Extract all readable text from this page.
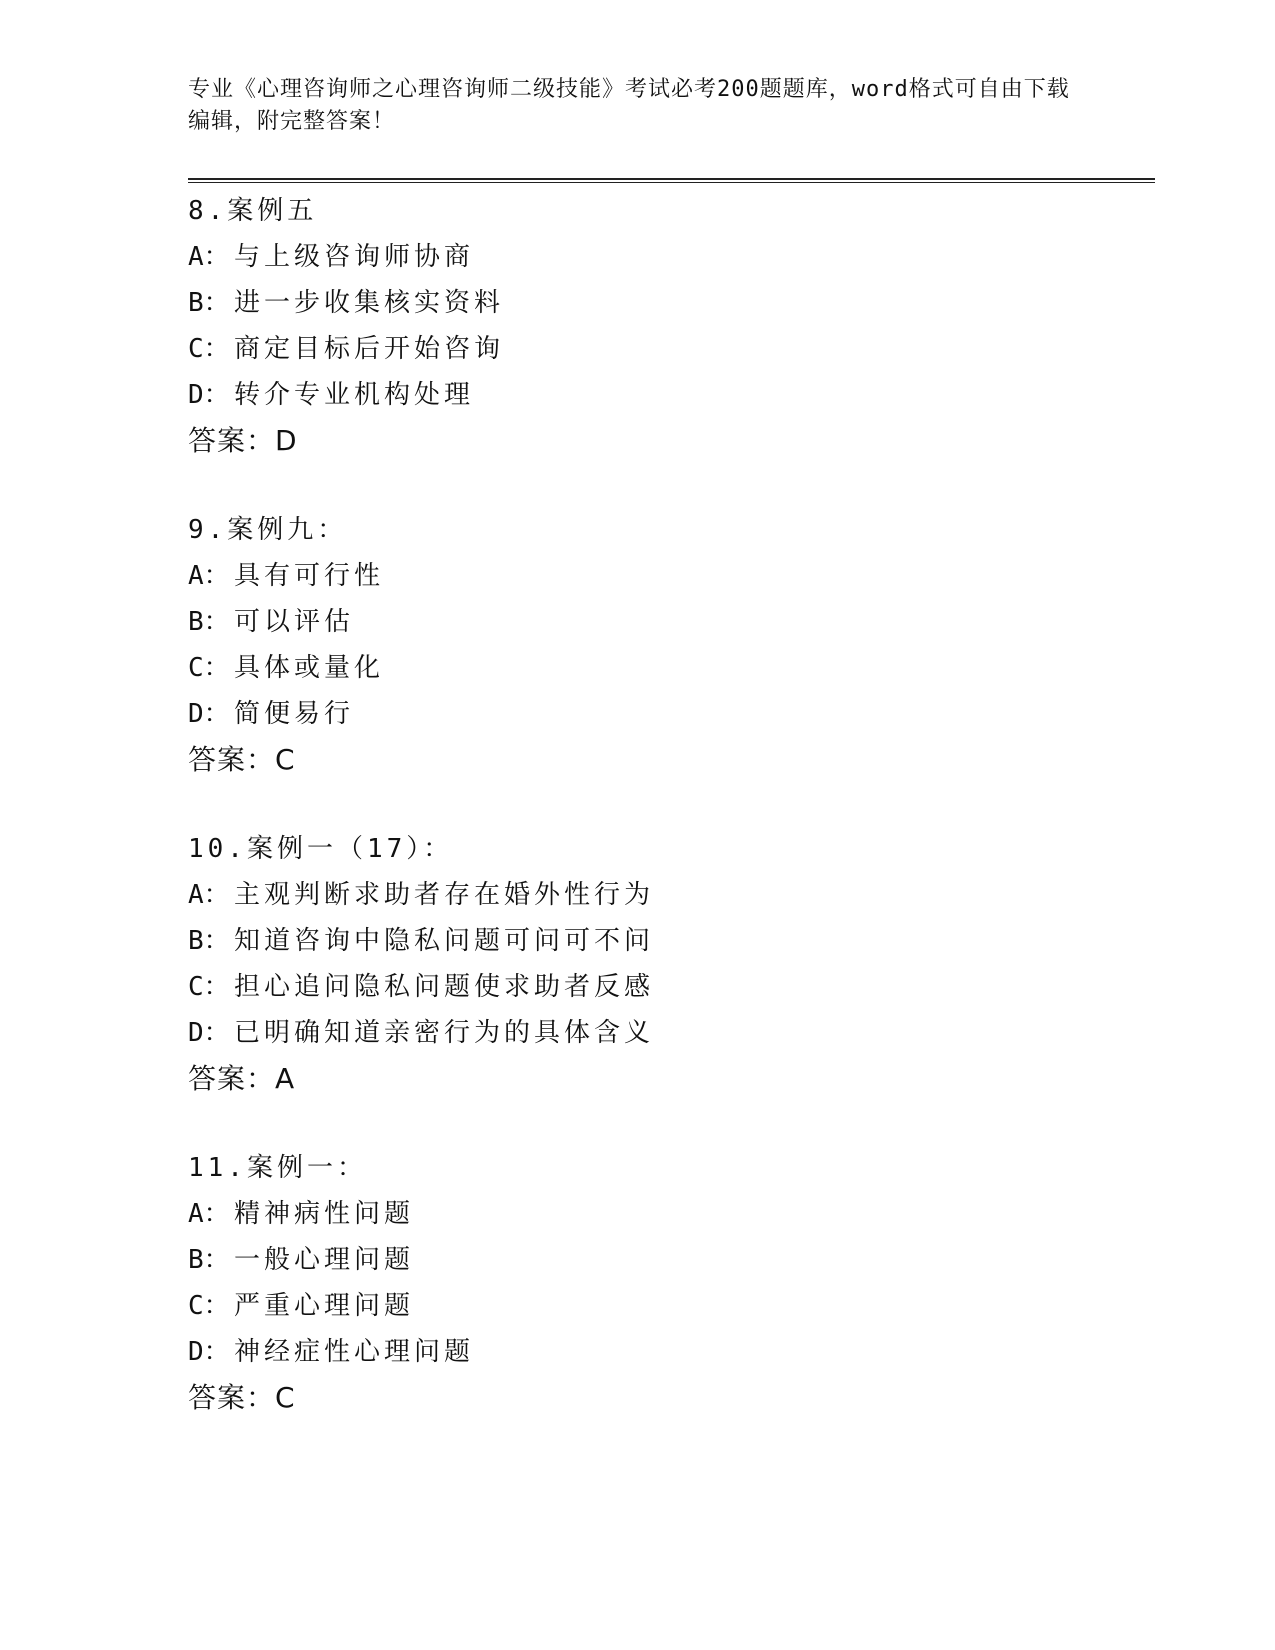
专业《心理咨询师之心理咨询师二级技能》考试必考200题题库，word格式可自由下载编辑，附完整答案！
8.案例五
A： 与上级咨询师协商
B： 进一步收集核实资料
C： 商定目标后开始咨询
D： 转介专业机构处理
答案：D
9.案例九：
A： 具有可行性
B： 可以评估
C： 具体或量化
D： 简便易行
答案：C
10.案例一（17）：
A： 主观判断求助者存在婚外性行为
B： 知道咨询中隐私问题可问可不问
C： 担心追问隐私问题使求助者反感
D： 已明确知道亲密行为的具体含义
答案：A
11.案例一：
A： 精神病性问题
B： 一般心理问题
C： 严重心理问题
D： 神经症性心理问题
答案：C
